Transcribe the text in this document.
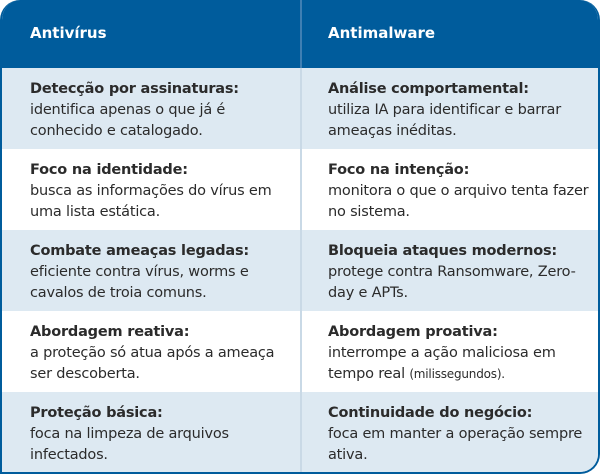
Antivírus	Antimalware
Detecção por assinaturas:
identifica apenas o que já é conhecido e catalogado.
Análise comportamental:
utiliza IA para identificar e barrar ameaças inéditas.
Foco na identidade:
busca as informações do vírus em uma lista estática.
Foco na intenção:
monitora o que o arquivo tenta fazer no sistema.
Combate ameaças legadas:
eficiente contra vírus, worms e cavalos de troia comuns.
Bloqueia ataques modernos:
protege contra Ransomware, Zero-day e APTs.
Abordagem reativa:
a proteção só atua após a ameaça ser descoberta.
Abordagem proativa:
interrompe a ação maliciosa em tempo real (milissegundos).
Proteção básica:
foca na limpeza de arquivos infectados.
Continuidade do negócio:
foca em manter a operação sempre ativa.
